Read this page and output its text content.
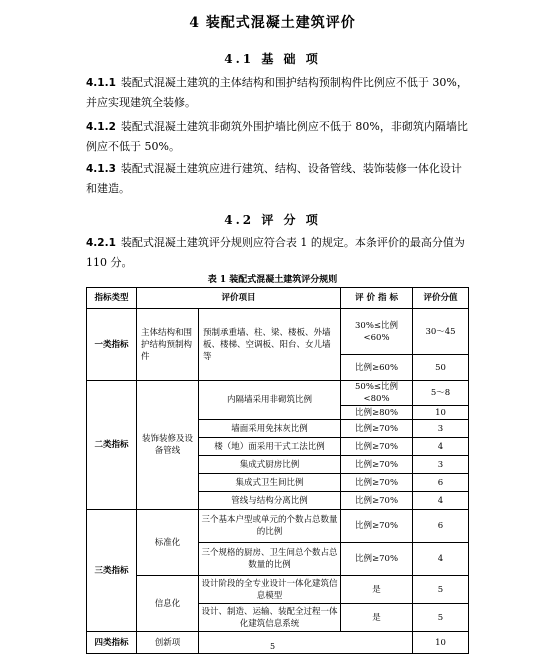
4 装配式混凝土建筑评价
4.1 基 础 项
4.1.1 装配式混凝土建筑的主体结构和围护结构预制构件比例应不低于 30%，并应实现建筑全装修。
4.1.2 装配式混凝土建筑非砌筑外围护墙比例应不低于 80%，非砌筑内隔墙比例应不低于 50%。
4.1.3 装配式混凝土建筑应进行建筑、结构、设备管线、装饰装修一体化设计和建造。
4.2 评 分 项
4.2.1 装配式混凝土建筑评分规则应符合表 1 的规定。本条评价的最高分值为 110 分。
表 1 装配式混凝土建筑评分规则
指标类型	评价项目		评 价 指 标	评价分值
一类指标	主体结构和围护结构预制构件	预制承重墙、柱、梁、楼板、外墙板、楼梯、空调板、阳台、女儿墙等	30%≤比例<60%	30～45
			比例≥60%	50
二类指标	装饰装修及设备管线	内隔墙采用非砌筑比例	50%≤比例<80%	5～8
			比例≥80%	10
		墙面采用免抹灰比例	比例≥70%	3
		楼（地）面采用干式工法比例	比例≥70%	4
		集成式厨房比例	比例≥70%	3
		集成式卫生间比例	比例≥70%	6
		管线与结构分离比例	比例≥70%	4
三类指标	标准化	三个基本户型或单元的个数占总数量的比例	比例≥70%	6
		三个规格的厨房、卫生间总个数占总数量的比例	比例≥70%	4
	信息化	设计阶段的全专业设计一体化建筑信息模型	是	5
		设计、制造、运输、装配全过程一体化建筑信息系统	是	5
四类指标	创新项			10
5
